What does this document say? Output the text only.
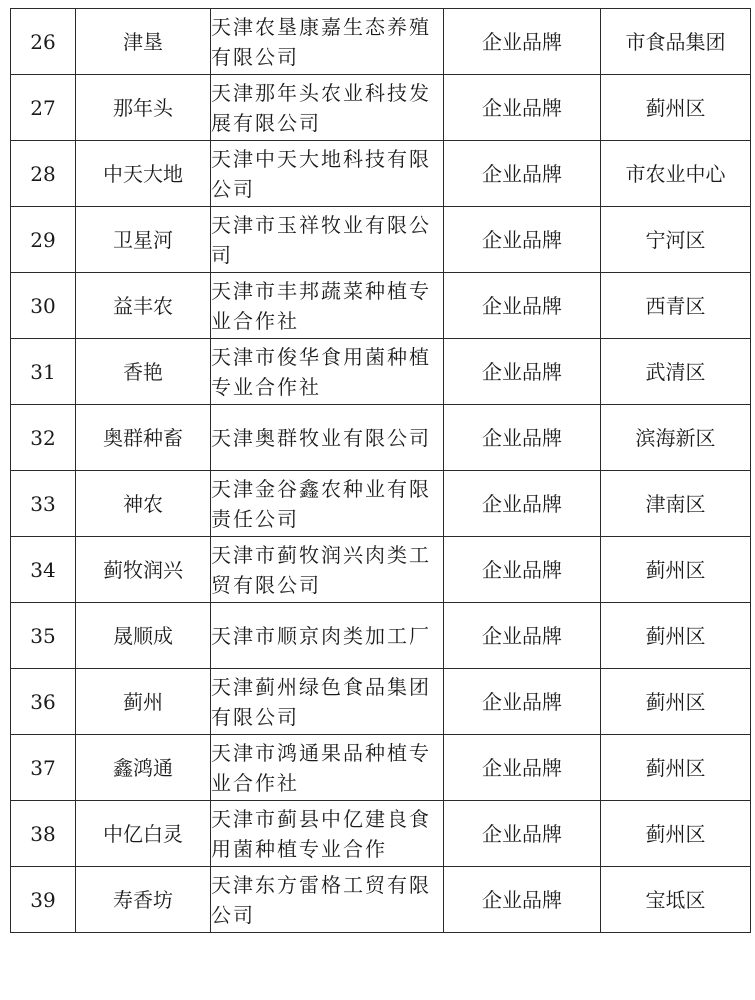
26	津垦	天津农垦康嘉生态养殖有限公司	企业品牌	市食品集团
27	那年头	天津那年头农业科技发展有限公司	企业品牌	蓟州区
28	中天大地	天津中天大地科技有限公司	企业品牌	市农业中心
29	卫星河	天津市玉祥牧业有限公司	企业品牌	宁河区
30	益丰农	天津市丰邦蔬菜种植专业合作社	企业品牌	西青区
31	香艳	天津市俊华食用菌种植专业合作社	企业品牌	武清区
32	奥群种畜	天津奥群牧业有限公司	企业品牌	滨海新区
33	神农	天津金谷鑫农种业有限责任公司	企业品牌	津南区
34	蓟牧润兴	天津市蓟牧润兴肉类工贸有限公司	企业品牌	蓟州区
35	晟顺成	天津市顺京肉类加工厂	企业品牌	蓟州区
36	蓟州	天津蓟州绿色食品集团有限公司	企业品牌	蓟州区
37	鑫鸿通	天津市鸿通果品种植专业合作社	企业品牌	蓟州区
38	中亿白灵	天津市蓟县中亿建良食用菌种植专业合作	企业品牌	蓟州区
39	寿香坊	天津东方雷格工贸有限公司	企业品牌	宝坻区
